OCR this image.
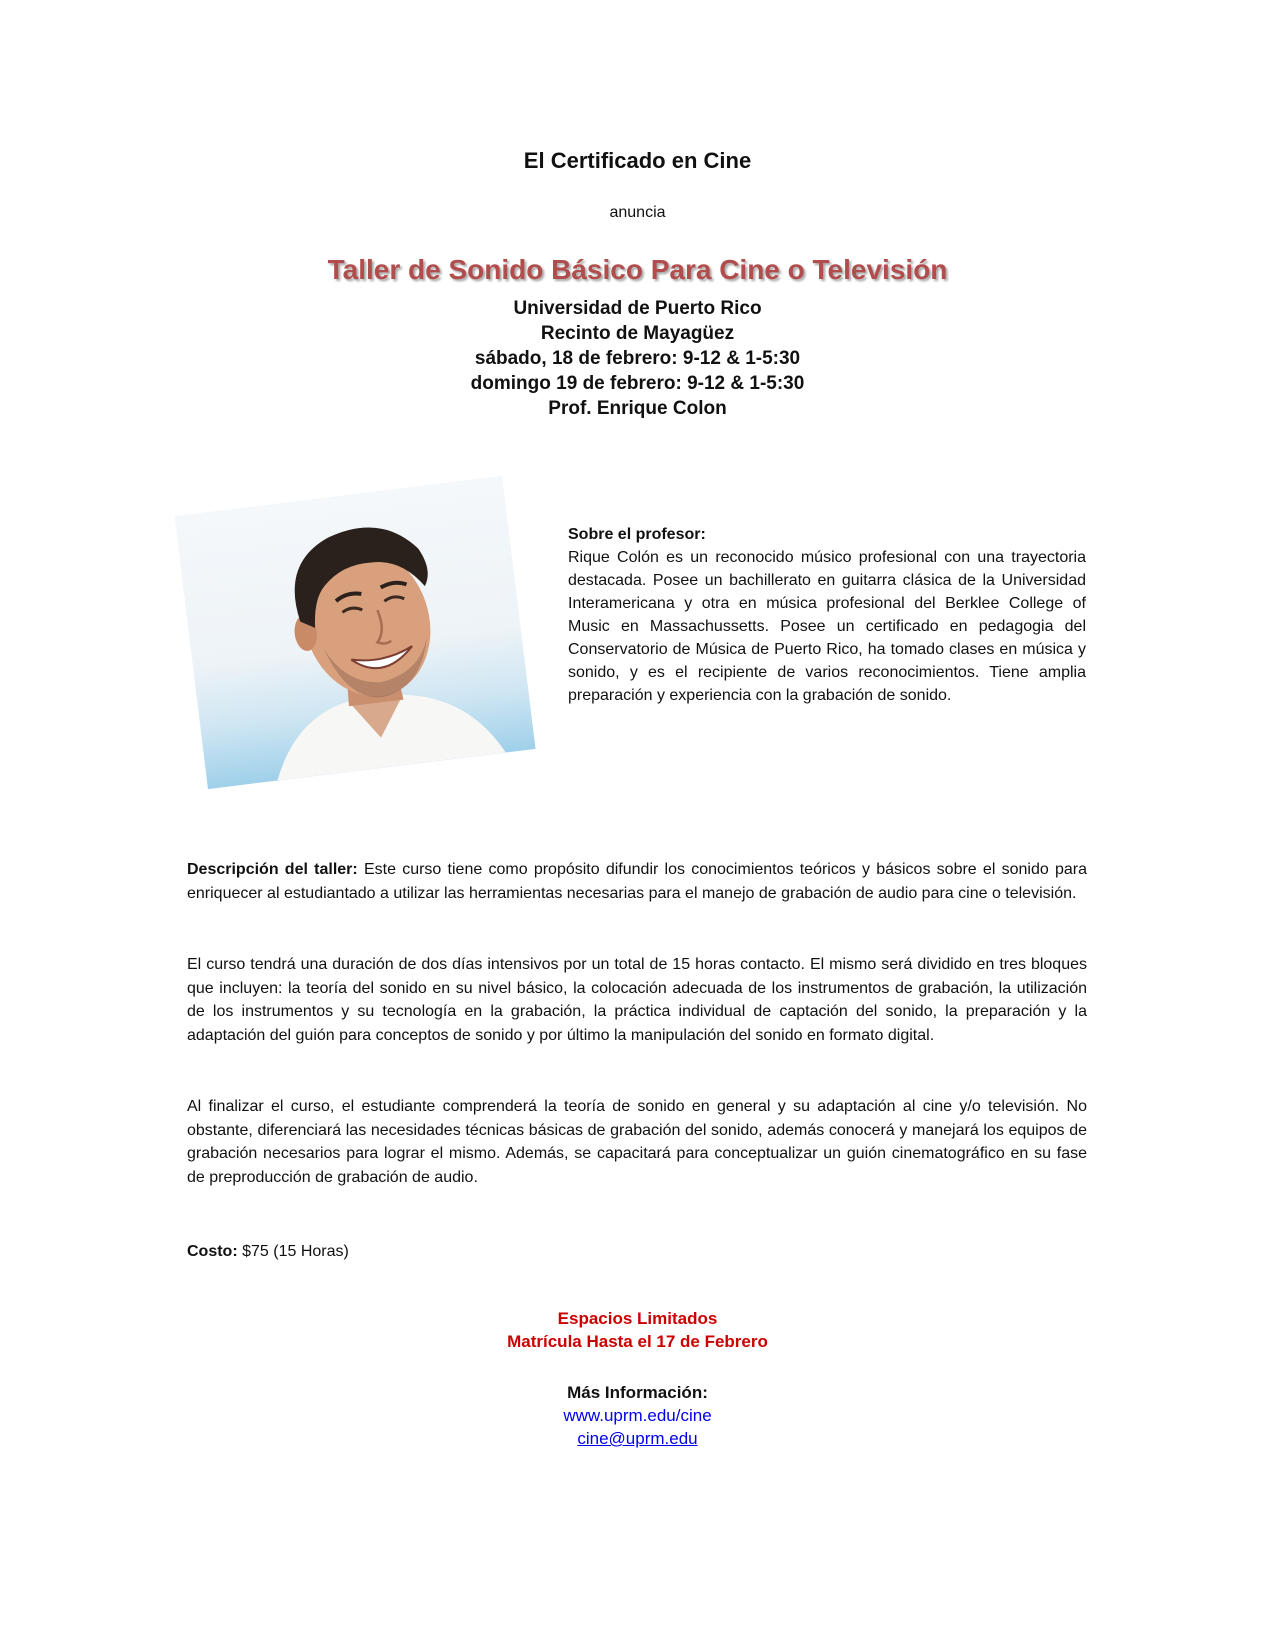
El Certificado en Cine
anuncia
Taller de Sonido Básico Para Cine o Televisión
Universidad de Puerto Rico
Recinto de Mayagüez
sábado, 18 de febrero: 9-12 & 1-5:30
domingo 19 de febrero: 9-12 & 1-5:30
Prof. Enrique Colon
Sobre el profesor:
Rique Colón es un reconocido músico profesional con una trayectoria destacada. Posee un bachillerato en guitarra clásica de la Universidad Interamericana y otra en música profesional del Berklee College of Music en Massachussetts. Posee un certificado en pedagogia del Conservatorio de Música de Puerto Rico, ha tomado clases en música y sonido, y es el recipiente de varios reconocimientos. Tiene amplia preparación y experiencia con la grabación de sonido.

Descripción del taller: Este curso tiene como propósito difundir los conocimientos teóricos y básicos sobre el sonido para enriquecer al estudiantado a utilizar las herramientas necesarias para el manejo de grabación de audio para cine o televisión.

El curso tendrá una duración de dos días intensivos por un total de 15 horas contacto. El mismo será dividido en tres bloques que incluyen: la teoría del sonido en su nivel básico, la colocación adecuada de los instrumentos de grabación, la utilización de los instrumentos y su tecnología en la grabación, la práctica individual de captación del sonido, la preparación y la adaptación del guión para conceptos de sonido y por último la manipulación del sonido en formato digital.

Al finalizar el curso, el estudiante comprenderá la teoría de sonido en general y su adaptación al cine y/o televisión. No obstante, diferenciará las necesidades técnicas básicas de grabación del sonido, además conocerá y manejará los equipos de grabación necesarios para lograr el mismo. Además, se capacitará para conceptualizar un guión cinematográfico en su fase de preproducción de grabación de audio.

Costo: $75 (15 Horas)

Espacios Limitados
Matrícula Hasta el 17 de Febrero
Más Información:
www.uprm.edu/cine
cine@uprm.edu
